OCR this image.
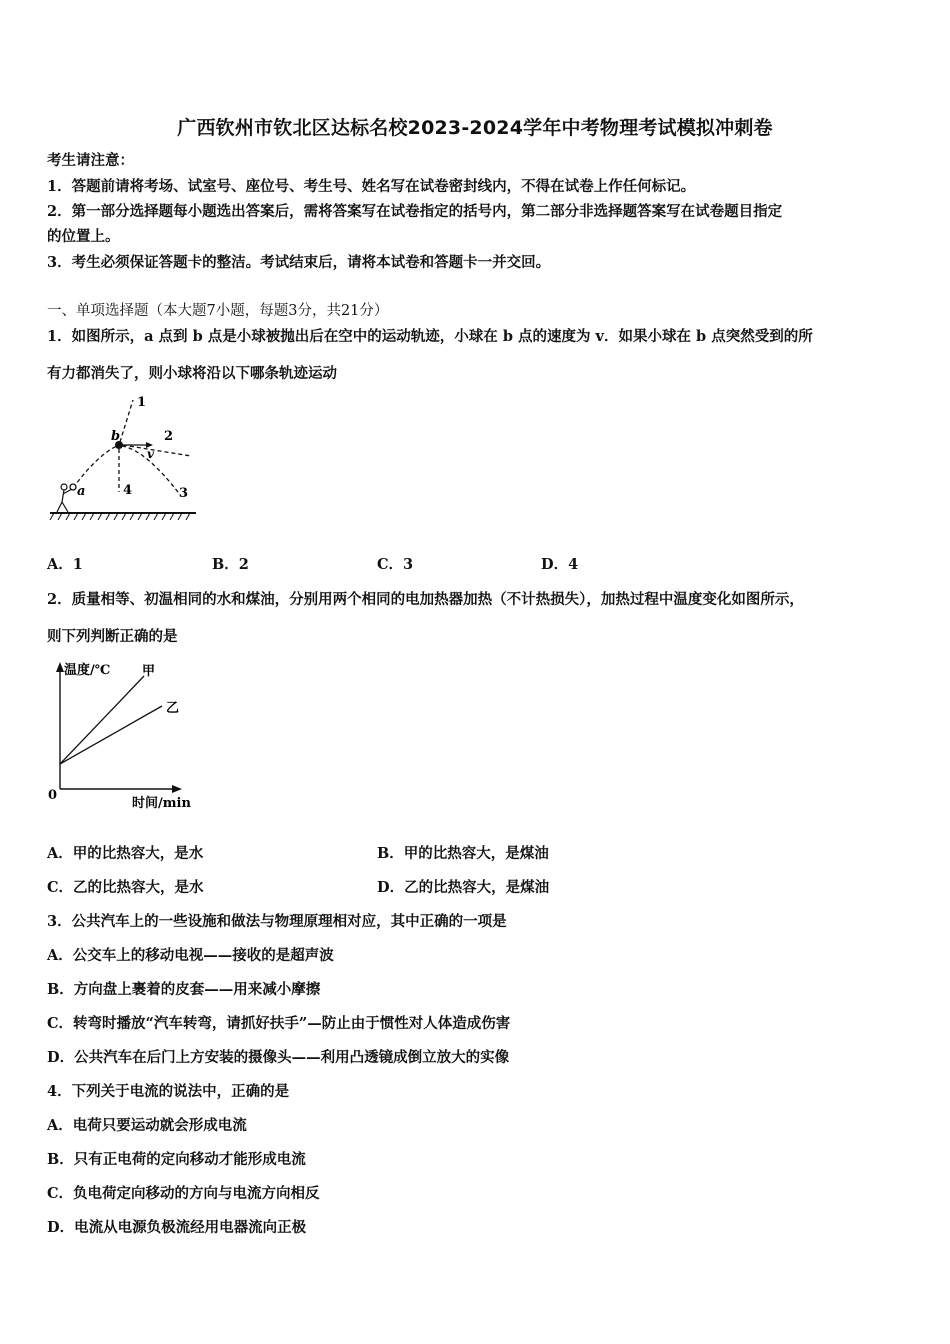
广西钦州市钦北区达标名校2023-2024学年中考物理考试模拟冲刺卷
考生请注意：
1．答题前请将考场、试室号、座位号、考生号、姓名写在试卷密封线内，不得在试卷上作任何标记。
2．第一部分选择题每小题选出答案后，需将答案写在试卷指定的括号内，第二部分非选择题答案写在试卷题目指定
的位置上。
3．考生必须保证答题卡的整洁。考试结束后，请将本试卷和答题卡一并交回。
一、单项选择题（本大题7小题，每题3分，共21分）
1．如图所示，a 点到 b 点是小球被抛出后在空中的运动轨迹，小球在 b 点的速度为 v．如果小球在 b 点突然受到的所
有力都消失了，则小球将沿以下哪条轨迹运动
1
2
3
4
a
b
v
A．1	B．2	C．3	D．4
2．质量相等、初温相同的水和煤油，分别用两个相同的电加热器加热（不计热损失），加热过程中温度变化如图所示，
则下列判断正确的是
温度/℃
时间/min
0
甲
乙
A．甲的比热容大，是水	B．甲的比热容大，是煤油
C．乙的比热容大，是水	D．乙的比热容大，是煤油
3．公共汽车上的一些设施和做法与物理原理相对应，其中正确的一项是
A．公交车上的移动电视——接收的是超声波
B．方向盘上裹着的皮套——用来减小摩擦
C．转弯时播放“汽车转弯，请抓好扶手”—防止由于惯性对人体造成伤害
D．公共汽车在后门上方安装的摄像头——利用凸透镜成倒立放大的实像
4．下列关于电流的说法中，正确的是
A．电荷只要运动就会形成电流
B．只有正电荷的定向移动才能形成电流
C．负电荷定向移动的方向与电流方向相反
D．电流从电源负极流经用电器流向正极
